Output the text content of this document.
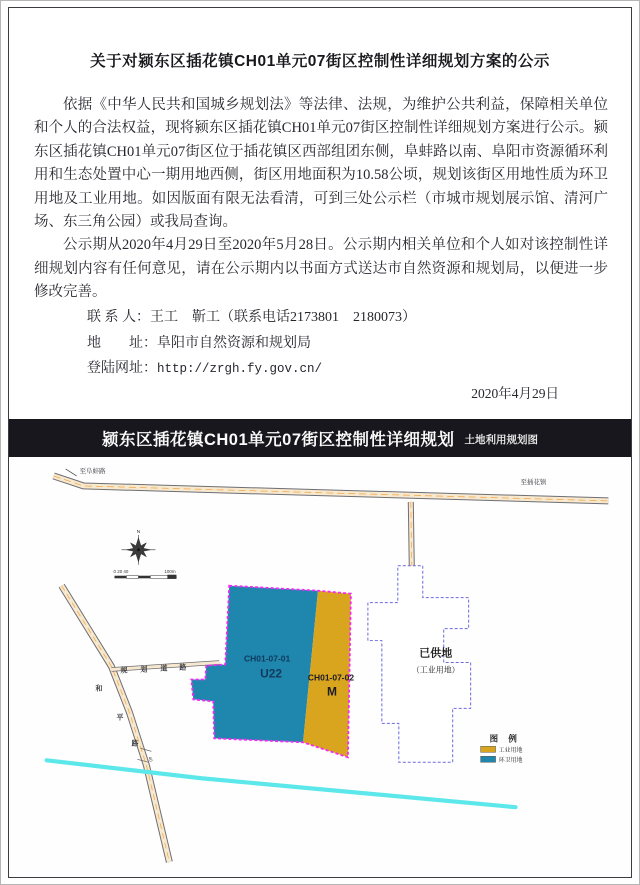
关于对颍东区插花镇CH01单元07街区控制性详细规划方案的公示

依据《中华人民共和国城乡规划法》等法律、法规，为维护公共利益，保障相关单位和个人的合法权益，现将颍东区插花镇CH01单元07街区控制性详细规划方案进行公示。颍东区插花镇CH01单元07街区位于插花镇区西部组团东侧，阜蚌路以南、阜阳市资源循环利用和生态处置中心一期用地西侧，街区用地面积为10.58公顷，规划该街区用地性质为环卫用地及工业用地。如因版面有限无法看清，可到三处公示栏（市城市规划展示馆、清河广场、东三角公园）或我局查询。

公示期从2020年4月29日至2020年5月28日。公示期内相关单位和个人如对该控制性详细规划内容有任何意见，请在公示期内以书面方式送达市自然资源和规划局，以便进一步修改完善。

联 系 人：王工　靳工（联系电话2173801　2180073）
地　　址：阜阳市自然资源和规划局
登陆网址：http://zrgh.fy.gov.cn/
2020年4月29日
颍东区插花镇CH01单元07街区控制性详细规划 土地利用规划图
N
0 20 40	100m
至阜蚌路
至插花镇
规 划 道 路
和
平
路
40
CH01-07-01
U22	CH01-07-02
M
已供地
（工业用地）
图 例
工业用地
环卫用地
